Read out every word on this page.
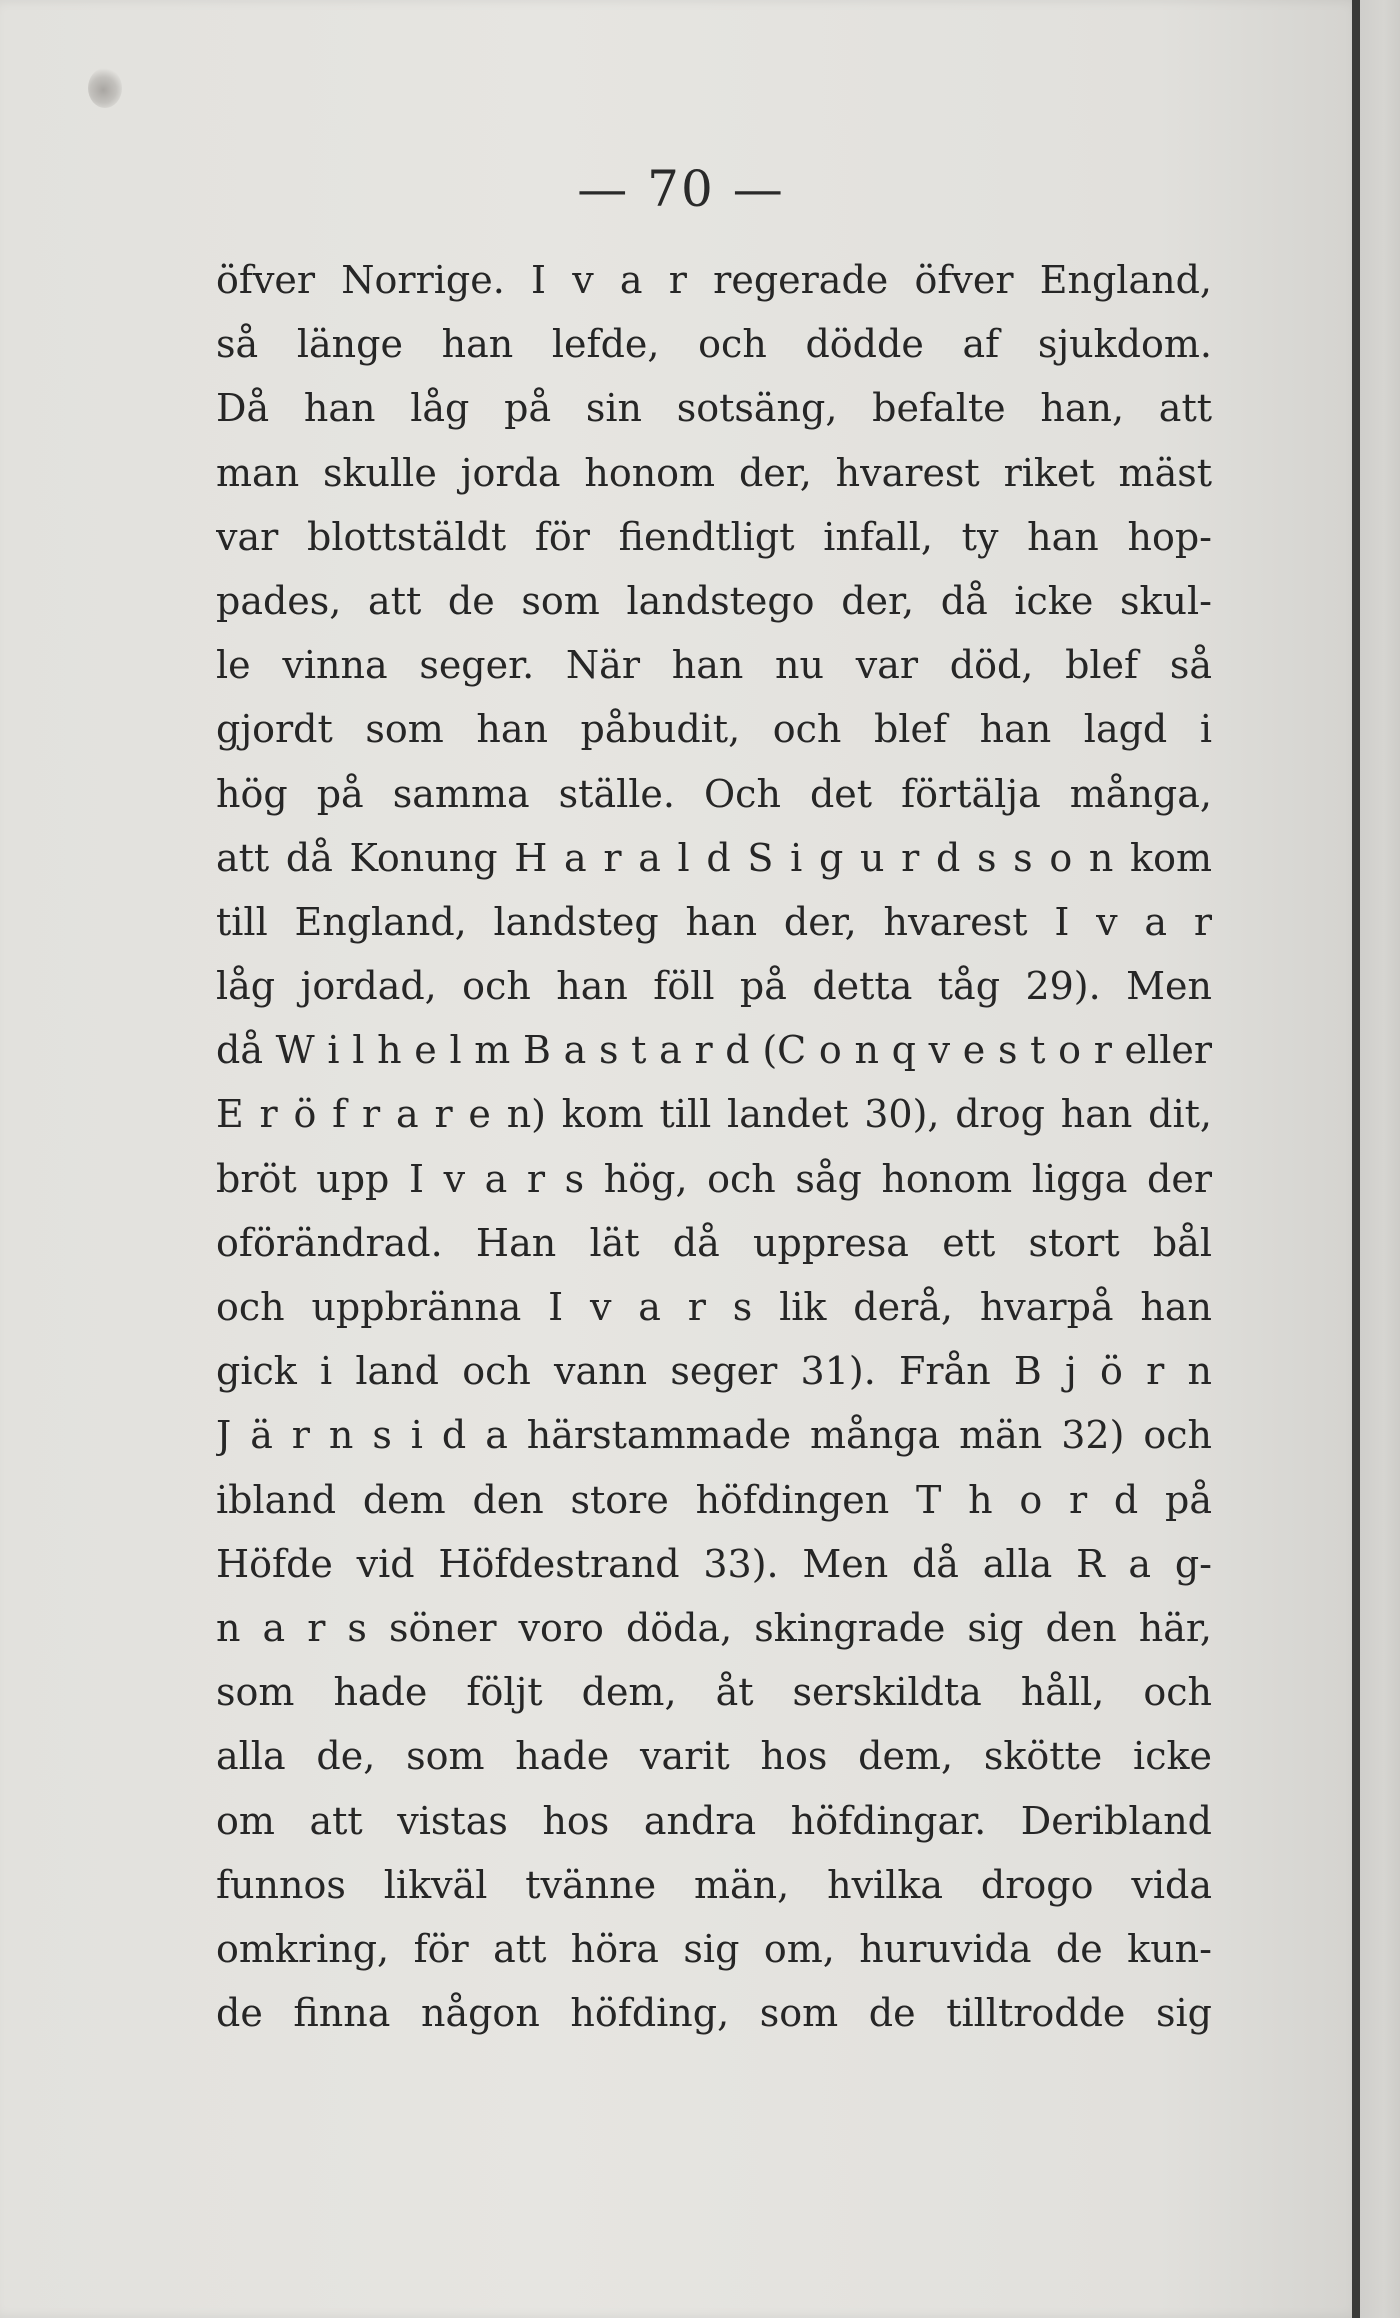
— 70 —
öfver Norrige. I v a r regerade öfver England,
så länge han lefde, och dödde af sjukdom.
Då han låg på sin sotsäng, befalte han, att
man skulle jorda honom der, hvarest riket mäst
var blottstäldt för fiendtligt infall, ty han hop-
pades, att de som landstego der, då icke skul-
le vinna seger. När han nu var död, blef så
gjordt som han påbudit, och blef han lagd i
hög på samma ställe. Och det förtälja många,
att då Konung H a r a l d S i g u r d s s o n kom
till England, landsteg han der, hvarest I v a r
låg jordad, och han föll på detta tåg 29). Men
då W i l h e l m B a s t a r d (C o n q v e s t o r eller
E r ö f r a r e n) kom till landet 30), drog han dit,
bröt upp I v a r s hög, och såg honom ligga der
oförändrad. Han lät då uppresa ett stort bål
och uppbränna I v a r s lik derå, hvarpå han
gick i land och vann seger 31). Från B j ö r n
J ä r n s i d a härstammade många män 32) och
ibland dem den store höfdingen T h o r d på
Höfde vid Höfdestrand 33). Men då alla R a g-
n a r s söner voro döda, skingrade sig den här,
som hade följt dem, åt serskildta håll, och
alla de, som hade varit hos dem, skötte icke
om att vistas hos andra höfdingar. Deribland
funnos likväl tvänne män, hvilka drogo vida
omkring, för att höra sig om, huruvida de kun-
de finna någon höfding, som de tilltrodde sig
